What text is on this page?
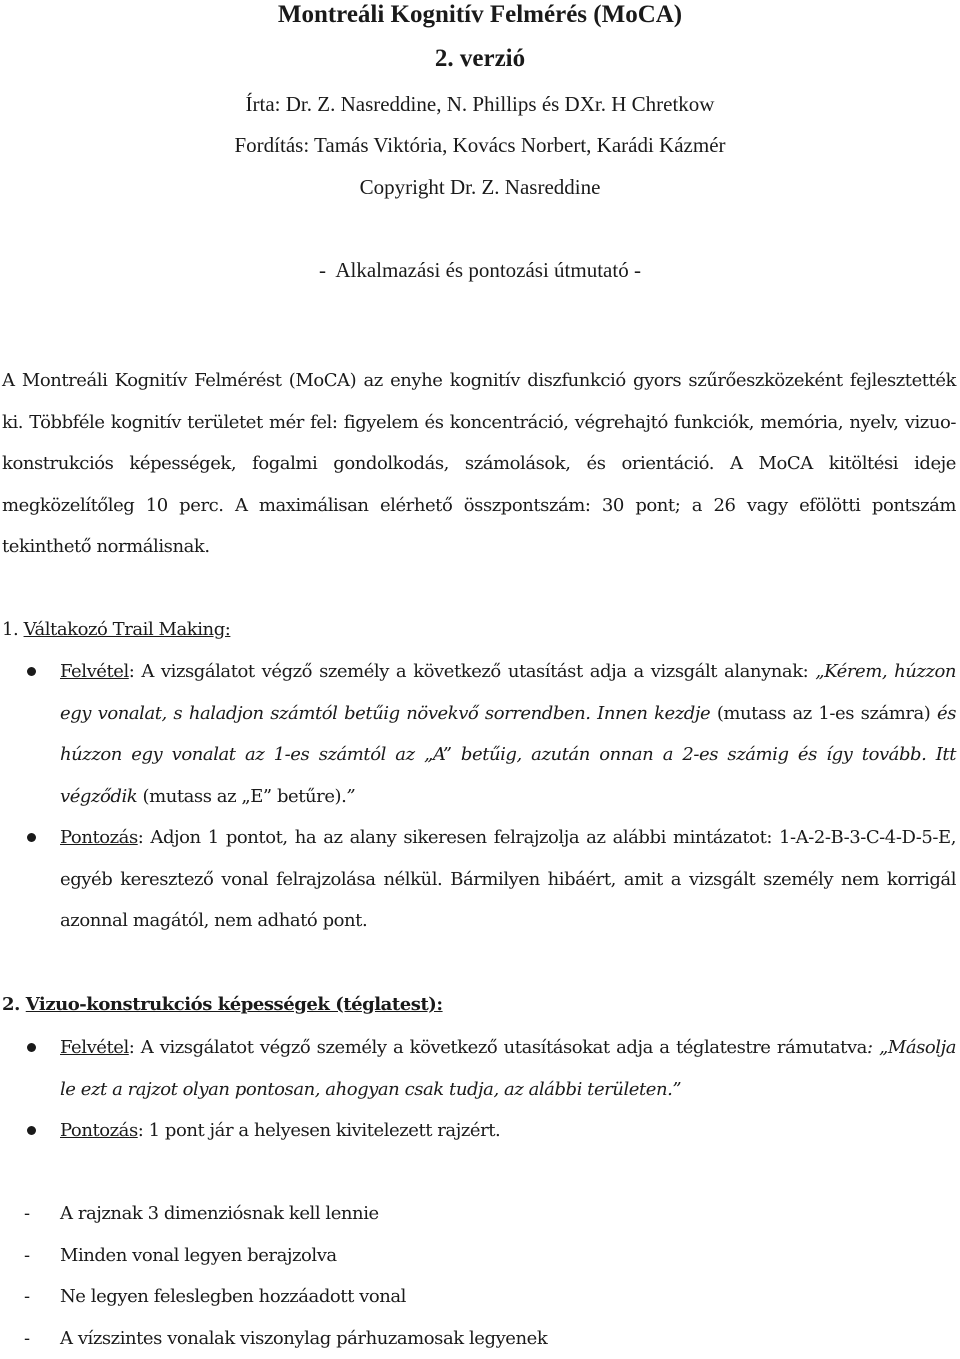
Montreáli Kognitív Felmérés (MoCA)
2. verzió
Írta: Dr. Z. Nasreddine, N. Phillips és DXr. H Chretkow
Fordítás: Tamás Viktória, Kovács Norbert, Karádi Kázmér
Copyright Dr. Z. Nasreddine
-  Alkalmazási és pontozási útmutató -

A Montreáli Kognitív Felmérést (MoCA) az enyhe kognitív diszfunkció gyors szűrőeszközeként fejlesztették ki. Többféle kognitív területet mér fel: figyelem és koncentráció, végrehajtó funkciók, memória, nyelv, vizuo-konstrukciós képességek, fogalmi gondolkodás, számolások, és orientáció. A MoCA kitöltési ideje megközelítőleg 10 perc. A maximálisan elérhető összpontszám: 30 pont; a 26 vagy efölötti pontszám tekinthető normálisnak.

1. Váltakozó Trail Making:
Felvétel: A vizsgálatot végző személy a következő utasítást adja a vizsgált alanynak: „Kérem, húzzon egy vonalat, s haladjon számtól betűig növekvő sorrendben. Innen kezdje (mutass az 1-es számra) és húzzon egy vonalat az 1-es számtól az „A” betűig, azután onnan a 2-es számig és így tovább. Itt végződik (mutass az „E” betűre).”
Pontozás: Adjon 1 pontot, ha az alany sikeresen felrajzolja az alábbi mintázatot: 1-A-2-B-3-C-4-D-5-E, egyéb keresztező vonal felrajzolása nélkül. Bármilyen hibáért, amit a vizsgált személy nem korrigál azonnal magától, nem adható pont.
2. Vizuo-konstrukciós képességek (téglatest):
Felvétel: A vizsgálatot végző személy a következő utasításokat adja a téglatestre rámutatva: „Másolja le ezt a rajzot olyan pontosan, ahogyan csak tudja, az alábbi területen.”
Pontozás: 1 pont jár a helyesen kivitelezett rajzért.
- A rajznak 3 dimenziósnak kell lennie
- Minden vonal legyen berajzolva
- Ne legyen feleslegben hozzáadott vonal
- A vízszintes vonalak viszonylag párhuzamosak legyenek
